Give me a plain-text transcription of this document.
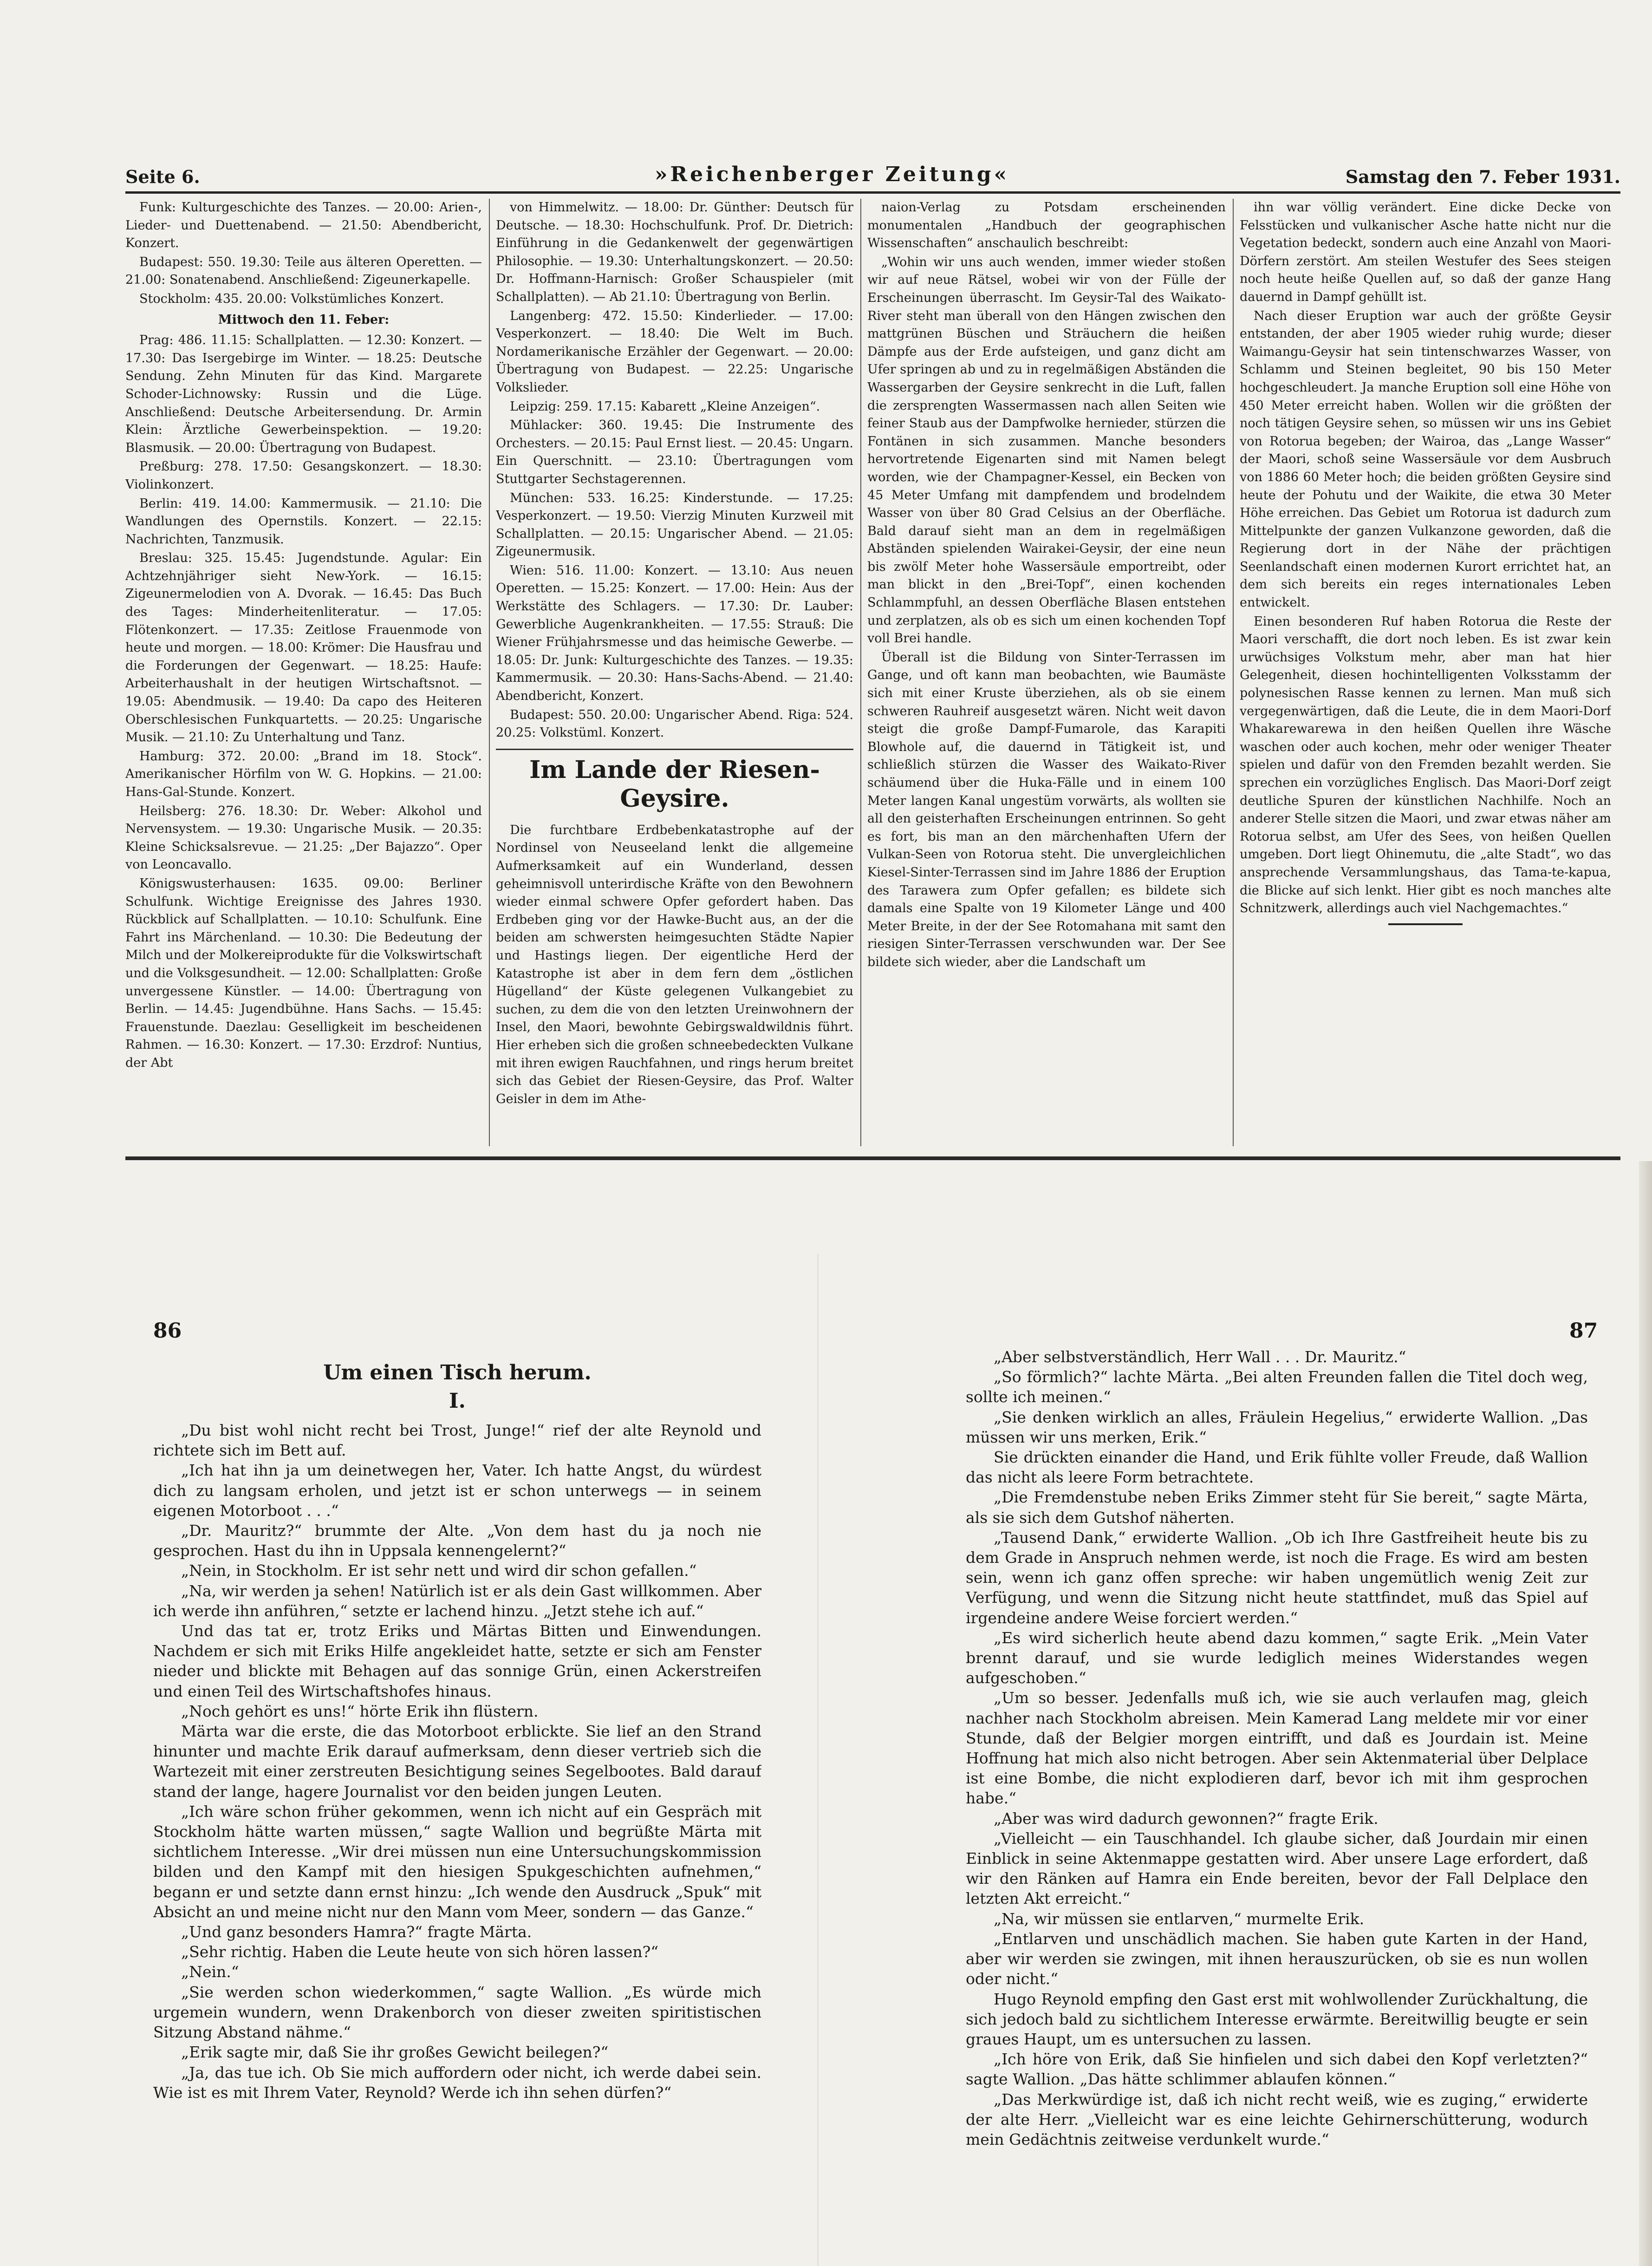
Seite 6.	»Reichenberger Zeitung«	Samstag den 7. Feber 1931.

Funk: Kulturgeschichte des Tanzes. — 20.00: Arien-, Lieder- und Duettenabend. — 21.50: Abendbericht, Konzert.

Budapest: 550. 19.30: Teile aus älteren Operetten. — 21.00: Sonatenabend. Anschließend: Zigeunerkapelle.

Stockholm: 435. 20.00: Volkstümliches Konzert.

Mittwoch den 11. Feber:

Prag: 486. 11.15: Schallplatten. — 12.30: Konzert. — 17.30: Das Isergebirge im Winter. — 18.25: Deutsche Sendung. Zehn Minuten für das Kind. Margarete Schoder-Lichnowsky: Russin und die Lüge. Anschließend: Deutsche Arbeitersendung. Dr. Armin Klein: Ärztliche Gewerbeinspektion. — 19.20: Blasmusik. — 20.00: Übertragung von Budapest.

Preßburg: 278. 17.50: Gesangskonzert. — 18.30: Violinkonzert.

Berlin: 419. 14.00: Kammermusik. — 21.10: Die Wandlungen des Opernstils. Konzert. — 22.15: Nachrichten, Tanzmusik.

Breslau: 325. 15.45: Jugendstunde. Agular: Ein Achtzehnjähriger sieht New-York. — 16.15: Zigeunermelodien von A. Dvorak. — 16.45: Das Buch des Tages: Minderheitenliteratur. — 17.05: Flötenkonzert. — 17.35: Zeitlose Frauenmode von heute und morgen. — 18.00: Krömer: Die Hausfrau und die Forderungen der Gegenwart. — 18.25: Haufe: Arbeiterhaushalt in der heutigen Wirtschaftsnot. — 19.05: Abendmusik. — 19.40: Da capo des Heiteren Oberschlesischen Funkquartetts. — 20.25: Ungarische Musik. — 21.10: Zu Unterhaltung und Tanz.

Hamburg: 372. 20.00: „Brand im 18. Stock“. Amerikanischer Hörfilm von W. G. Hopkins. — 21.00: Hans-Gal-Stunde. Konzert.

Heilsberg: 276. 18.30: Dr. Weber: Alkohol und Nervensystem. — 19.30: Ungarische Musik. — 20.35: Kleine Schicksalsrevue. — 21.25: „Der Bajazzo“. Oper von Leoncavallo.

Königswusterhausen: 1635. 09.00: Berliner Schulfunk. Wichtige Ereignisse des Jahres 1930. Rückblick auf Schallplatten. — 10.10: Schulfunk. Eine Fahrt ins Märchenland. — 10.30: Die Bedeutung der Milch und der Molkereiprodukte für die Volkswirtschaft und die Volksgesundheit. — 12.00: Schallplatten: Große unvergessene Künstler. — 14.00: Übertragung von Berlin. — 14.45: Jugendbühne. Hans Sachs. — 15.45: Frauenstunde. Daezlau: Geselligkeit im bescheidenen Rahmen. — 16.30: Konzert. — 17.30: Erzdrof: Nuntius, der Abt

von Himmelwitz. — 18.00: Dr. Günther: Deutsch für Deutsche. — 18.30: Hochschulfunk. Prof. Dr. Dietrich: Einführung in die Gedankenwelt der gegenwärtigen Philosophie. — 19.30: Unterhaltungskonzert. — 20.50: Dr. Hoffmann-Harnisch: Großer Schauspieler (mit Schallplatten). — Ab 21.10: Übertragung von Berlin.

Langenberg: 472. 15.50: Kinderlieder. — 17.00: Vesperkonzert. — 18.40: Die Welt im Buch. Nordamerikanische Erzähler der Gegenwart. — 20.00: Übertragung von Budapest. — 22.25: Ungarische Volkslieder.

Leipzig: 259. 17.15: Kabarett „Kleine Anzeigen“.

Mühlacker: 360. 19.45: Die Instrumente des Orchesters. — 20.15: Paul Ernst liest. — 20.45: Ungarn. Ein Querschnitt. — 23.10: Übertragungen vom Stuttgarter Sechstagerennen.

München: 533. 16.25: Kinderstunde. — 17.25: Vesperkonzert. — 19.50: Vierzig Minuten Kurzweil mit Schallplatten. — 20.15: Ungarischer Abend. — 21.05: Zigeunermusik.

Wien: 516. 11.00: Konzert. — 13.10: Aus neuen Operetten. — 15.25: Konzert. — 17.00: Hein: Aus der Werkstätte des Schlagers. — 17.30: Dr. Lauber: Gewerbliche Augenkrankheiten. — 17.55: Strauß: Die Wiener Frühjahrsmesse und das heimische Gewerbe. — 18.05: Dr. Junk: Kulturgeschichte des Tanzes. — 19.35: Kammermusik. — 20.30: Hans-Sachs-Abend. — 21.40: Abendbericht, Konzert.

Budapest: 550. 20.00: Ungarischer Abend. Riga: 524. 20.25: Volkstüml. Konzert.

Im Lande der Riesen-Geysire.

Die furchtbare Erdbebenkatastrophe auf der Nordinsel von Neuseeland lenkt die allgemeine Aufmerksamkeit auf ein Wunderland, dessen geheimnisvoll unterirdische Kräfte von den Bewohnern wieder einmal schwere Opfer gefordert haben. Das Erdbeben ging vor der Hawke-Bucht aus, an der die beiden am schwersten heimgesuchten Städte Napier und Hastings liegen. Der eigentliche Herd der Katastrophe ist aber in dem fern dem „östlichen Hügelland“ der Küste gelegenen Vulkangebiet zu suchen, zu dem die von den letzten Ureinwohnern der Insel, den Maori, bewohnte Gebirgswaldwildnis führt. Hier erheben sich die großen schneebedeckten Vulkane mit ihren ewigen Rauchfahnen, und rings herum breitet sich das Gebiet der Riesen-Geysire, das Prof. Walter Geisler in dem im Athe-

naion-Verlag zu Potsdam erscheinenden monumentalen „Handbuch der geographischen Wissenschaften“ anschaulich beschreibt:

„Wohin wir uns auch wenden, immer wieder stoßen wir auf neue Rätsel, wobei wir von der Fülle der Erscheinungen überrascht. Im Geysir-Tal des Waikato-River steht man überall von den Hängen zwischen den mattgrünen Büschen und Sträuchern die heißen Dämpfe aus der Erde aufsteigen, und ganz dicht am Ufer springen ab und zu in regelmäßigen Abständen die Wassergarben der Geysire senkrecht in die Luft, fallen die zersprengten Wassermassen nach allen Seiten wie feiner Staub aus der Dampfwolke hernieder, stürzen die Fontänen in sich zusammen. Manche besonders hervortretende Eigenarten sind mit Namen belegt worden, wie der Champagner-Kessel, ein Becken von 45 Meter Umfang mit dampfendem und brodelndem Wasser von über 80 Grad Celsius an der Oberfläche. Bald darauf sieht man an dem in regelmäßigen Abständen spielenden Wairakei-Geysir, der eine neun bis zwölf Meter hohe Wassersäule emportreibt, oder man blickt in den „Brei-Topf“, einen kochenden Schlammpfuhl, an dessen Oberfläche Blasen entstehen und zerplatzen, als ob es sich um einen kochenden Topf voll Brei handle.

Überall ist die Bildung von Sinter-Terrassen im Gange, und oft kann man beobachten, wie Baumäste sich mit einer Kruste überziehen, als ob sie einem schweren Rauhreif ausgesetzt wären. Nicht weit davon steigt die große Dampf-Fumarole, das Karapiti Blowhole auf, die dauernd in Tätigkeit ist, und schließlich stürzen die Wasser des Waikato-River schäumend über die Huka-Fälle und in einem 100 Meter langen Kanal ungestüm vorwärts, als wollten sie all den geisterhaften Erscheinungen entrinnen. So geht es fort, bis man an den märchenhaften Ufern der Vulkan-Seen von Rotorua steht. Die unvergleichlichen Kiesel-Sinter-Terrassen sind im Jahre 1886 der Eruption des Tarawera zum Opfer gefallen; es bildete sich damals eine Spalte von 19 Kilometer Länge und 400 Meter Breite, in der der See Rotomahana mit samt den riesigen Sinter-Terrassen verschwunden war. Der See bildete sich wieder, aber die Landschaft um

ihn war völlig verändert. Eine dicke Decke von Felsstücken und vulkanischer Asche hatte nicht nur die Vegetation bedeckt, sondern auch eine Anzahl von Maori-Dörfern zerstört. Am steilen Westufer des Sees steigen noch heute heiße Quellen auf, so daß der ganze Hang dauernd in Dampf gehüllt ist.

Nach dieser Eruption war auch der größte Geysir entstanden, der aber 1905 wieder ruhig wurde; dieser Waimangu-Geysir hat sein tintenschwarzes Wasser, von Schlamm und Steinen begleitet, 90 bis 150 Meter hochgeschleudert. Ja manche Eruption soll eine Höhe von 450 Meter erreicht haben. Wollen wir die größten der noch tätigen Geysire sehen, so müssen wir uns ins Gebiet von Rotorua begeben; der Wairoa, das „Lange Wasser“ der Maori, schoß seine Wassersäule vor dem Ausbruch von 1886 60 Meter hoch; die beiden größten Geysire sind heute der Pohutu und der Waikite, die etwa 30 Meter Höhe erreichen. Das Gebiet um Rotorua ist dadurch zum Mittelpunkte der ganzen Vulkanzone geworden, daß die Regierung dort in der Nähe der prächtigen Seenlandschaft einen modernen Kurort errichtet hat, an dem sich bereits ein reges internationales Leben entwickelt.

Einen besonderen Ruf haben Rotorua die Reste der Maori verschafft, die dort noch leben. Es ist zwar kein urwüchsiges Volkstum mehr, aber man hat hier Gelegenheit, diesen hochintelligenten Volksstamm der polynesischen Rasse kennen zu lernen. Man muß sich vergegenwärtigen, daß die Leute, die in dem Maori-Dorf Whakarewarewa in den heißen Quellen ihre Wäsche waschen oder auch kochen, mehr oder weniger Theater spielen und dafür von den Fremden bezahlt werden. Sie sprechen ein vorzügliches Englisch. Das Maori-Dorf zeigt deutliche Spuren der künstlichen Nachhilfe. Noch an anderer Stelle sitzen die Maori, und zwar etwas näher am Rotorua selbst, am Ufer des Sees, von heißen Quellen umgeben. Dort liegt Ohinemutu, die „alte Stadt“, wo das ansprechende Versammlungshaus, das Tama-te-kapua, die Blicke auf sich lenkt. Hier gibt es noch manches alte Schnitzwerk, allerdings auch viel Nachgemachtes.“

86	87
Um einen Tisch herum.
I.

„Du bist wohl nicht recht bei Trost, Junge!“ rief der alte Reynold und richtete sich im Bett auf.

„Ich hat ihn ja um deinetwegen her, Vater. Ich hatte Angst, du würdest dich zu langsam erholen, und jetzt ist er schon unterwegs — in seinem eigenen Motorboot . . .“

„Dr. Mauritz?“ brummte der Alte. „Von dem hast du ja noch nie gesprochen. Hast du ihn in Uppsala kennengelernt?“

„Nein, in Stockholm. Er ist sehr nett und wird dir schon gefallen.“

„Na, wir werden ja sehen! Natürlich ist er als dein Gast willkommen. Aber ich werde ihn anführen,“ setzte er lachend hinzu. „Jetzt stehe ich auf.“

Und das tat er, trotz Eriks und Märtas Bitten und Einwendungen. Nachdem er sich mit Eriks Hilfe angekleidet hatte, setzte er sich am Fenster nieder und blickte mit Behagen auf das sonnige Grün, einen Ackerstreifen und einen Teil des Wirtschaftshofes hinaus.

„Noch gehört es uns!“ hörte Erik ihn flüstern.

Märta war die erste, die das Motorboot erblickte. Sie lief an den Strand hinunter und machte Erik darauf aufmerksam, denn dieser vertrieb sich die Wartezeit mit einer zerstreuten Besichtigung seines Segelbootes. Bald darauf stand der lange, hagere Journalist vor den beiden jungen Leuten.

„Ich wäre schon früher gekommen, wenn ich nicht auf ein Gespräch mit Stockholm hätte warten müssen,“ sagte Wallion und begrüßte Märta mit sichtlichem Interesse. „Wir drei müssen nun eine Untersuchungskommission bilden und den Kampf mit den hiesigen Spukgeschichten aufnehmen,“ begann er und setzte dann ernst hinzu: „Ich wende den Ausdruck „Spuk“ mit Absicht an und meine nicht nur den Mann vom Meer, sondern — das Ganze.“

„Und ganz besonders Hamra?“ fragte Märta.

„Sehr richtig. Haben die Leute heute von sich hören lassen?“

„Nein.“

„Sie werden schon wiederkommen,“ sagte Wallion. „Es würde mich urgemein wundern, wenn Drakenborch von dieser zweiten spiritistischen Sitzung Abstand nähme.“

„Erik sagte mir, daß Sie ihr großes Gewicht beilegen?“

„Ja, das tue ich. Ob Sie mich auffordern oder nicht, ich werde dabei sein. Wie ist es mit Ihrem Vater, Reynold? Werde ich ihn sehen dürfen?“

„Aber selbstverständlich, Herr Wall . . . Dr. Mauritz.“

„So förmlich?“ lachte Märta. „Bei alten Freunden fallen die Titel doch weg, sollte ich meinen.“

„Sie denken wirklich an alles, Fräulein Hegelius,“ erwiderte Wallion. „Das müssen wir uns merken, Erik.“

Sie drückten einander die Hand, und Erik fühlte voller Freude, daß Wallion das nicht als leere Form betrachtete.

„Die Fremdenstube neben Eriks Zimmer steht für Sie bereit,“ sagte Märta, als sie sich dem Gutshof näherten.

„Tausend Dank,“ erwiderte Wallion. „Ob ich Ihre Gastfreiheit heute bis zu dem Grade in Anspruch nehmen werde, ist noch die Frage. Es wird am besten sein, wenn ich ganz offen spreche: wir haben ungemütlich wenig Zeit zur Verfügung, und wenn die Sitzung nicht heute stattfindet, muß das Spiel auf irgendeine andere Weise forciert werden.“

„Es wird sicherlich heute abend dazu kommen,“ sagte Erik. „Mein Vater brennt darauf, und sie wurde lediglich meines Widerstandes wegen aufgeschoben.“

„Um so besser. Jedenfalls muß ich, wie sie auch verlaufen mag, gleich nachher nach Stockholm abreisen. Mein Kamerad Lang meldete mir vor einer Stunde, daß der Belgier morgen eintrifft, und daß es Jourdain ist. Meine Hoffnung hat mich also nicht betrogen. Aber sein Aktenmaterial über Delplace ist eine Bombe, die nicht explodieren darf, bevor ich mit ihm gesprochen habe.“

„Aber was wird dadurch gewonnen?“ fragte Erik.

„Vielleicht — ein Tauschhandel. Ich glaube sicher, daß Jourdain mir einen Einblick in seine Aktenmappe gestatten wird. Aber unsere Lage erfordert, daß wir den Ränken auf Hamra ein Ende bereiten, bevor der Fall Delplace den letzten Akt erreicht.“

„Na, wir müssen sie entlarven,“ murmelte Erik.

„Entlarven und unschädlich machen. Sie haben gute Karten in der Hand, aber wir werden sie zwingen, mit ihnen herauszurücken, ob sie es nun wollen oder nicht.“

Hugo Reynold empfing den Gast erst mit wohlwollender Zurückhaltung, die sich jedoch bald zu sichtlichem Interesse erwärmte. Bereitwillig beugte er sein graues Haupt, um es untersuchen zu lassen.

„Ich höre von Erik, daß Sie hinfielen und sich dabei den Kopf verletzten?“ sagte Wallion. „Das hätte schlimmer ablaufen können.“

„Das Merkwürdige ist, daß ich nicht recht weiß, wie es zuging,“ erwiderte der alte Herr. „Vielleicht war es eine leichte Gehirnerschütterung, wodurch mein Gedächtnis zeitweise verdunkelt wurde.“
